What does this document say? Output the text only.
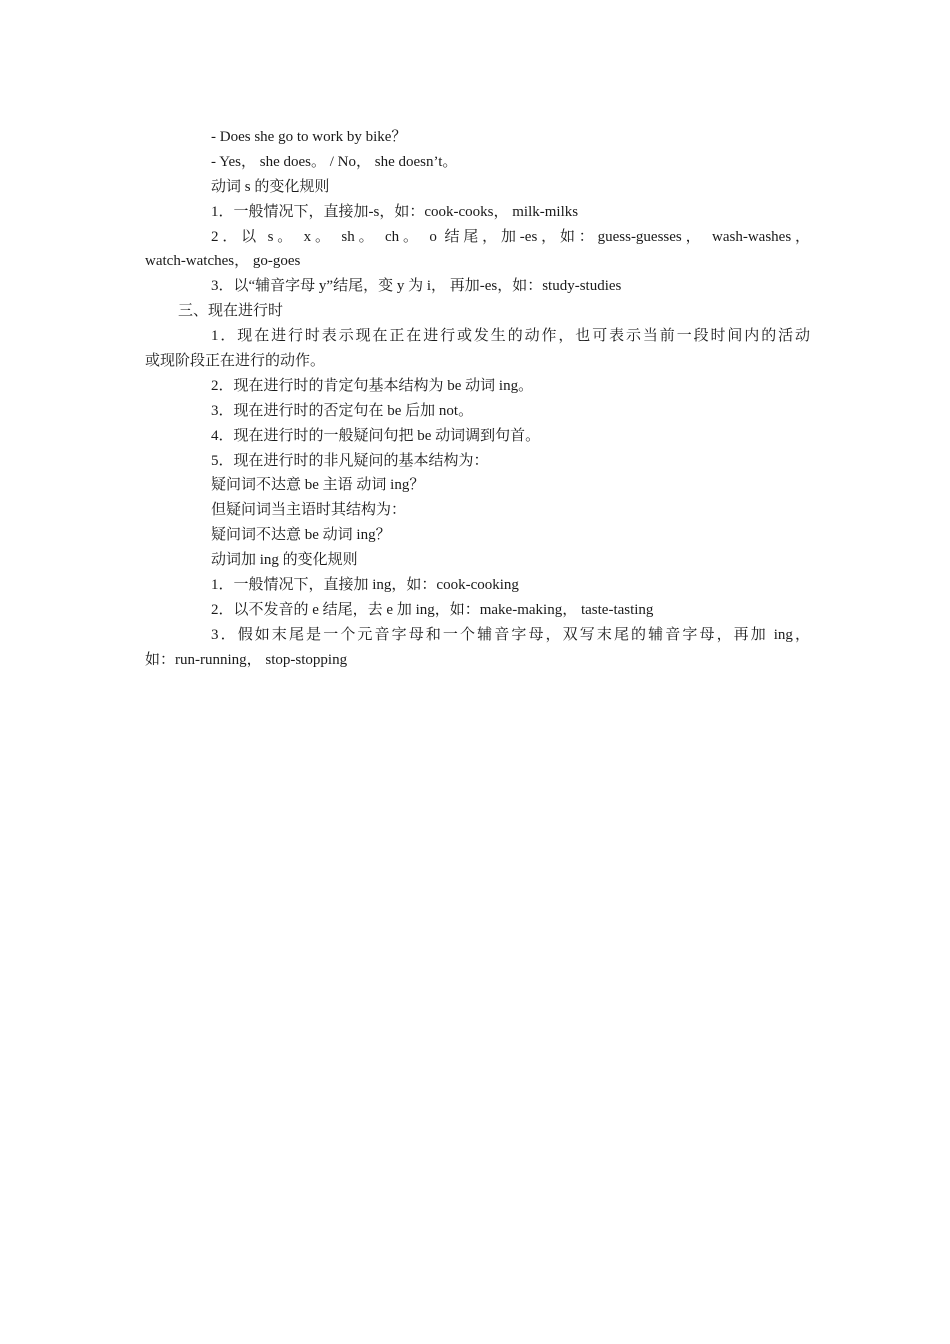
- Does she go to work by bike？

- Yes， she does。 / No， she doesn’t。

动词 s 的变化规则

1．一般情况下，直接加-s，如：cook-cooks， milk-milks

2．以 s。 x。 sh。 ch。 o 结尾，加-es，如：guess-guesses， wash-washes，

watch-watches， go-goes

3．以“辅音字母 y”结尾，变 y 为 i， 再加-es，如：study-studies

三、现在进行时

1．现在进行时表示现在正在进行或发生的动作，也可表示当前一段时间内的活动

或现阶段正在进行的动作。

2．现在进行时的肯定句基本结构为 be 动词 ing。

3．现在进行时的否定句在 be 后加 not。

4．现在进行时的一般疑问句把 be 动词调到句首。

5．现在进行时的非凡疑问的基本结构为：

疑问词不达意 be 主语 动词 ing？

但疑问词当主语时其结构为：

疑问词不达意 be 动词 ing？

动词加 ing 的变化规则

1．一般情况下，直接加 ing，如：cook-cooking

2．以不发音的 e 结尾，去 e 加 ing，如：make-making， taste-tasting

3．假如末尾是一个元音字母和一个辅音字母，双写末尾的辅音字母，再加 ing，

如：run-running， stop-stopping
